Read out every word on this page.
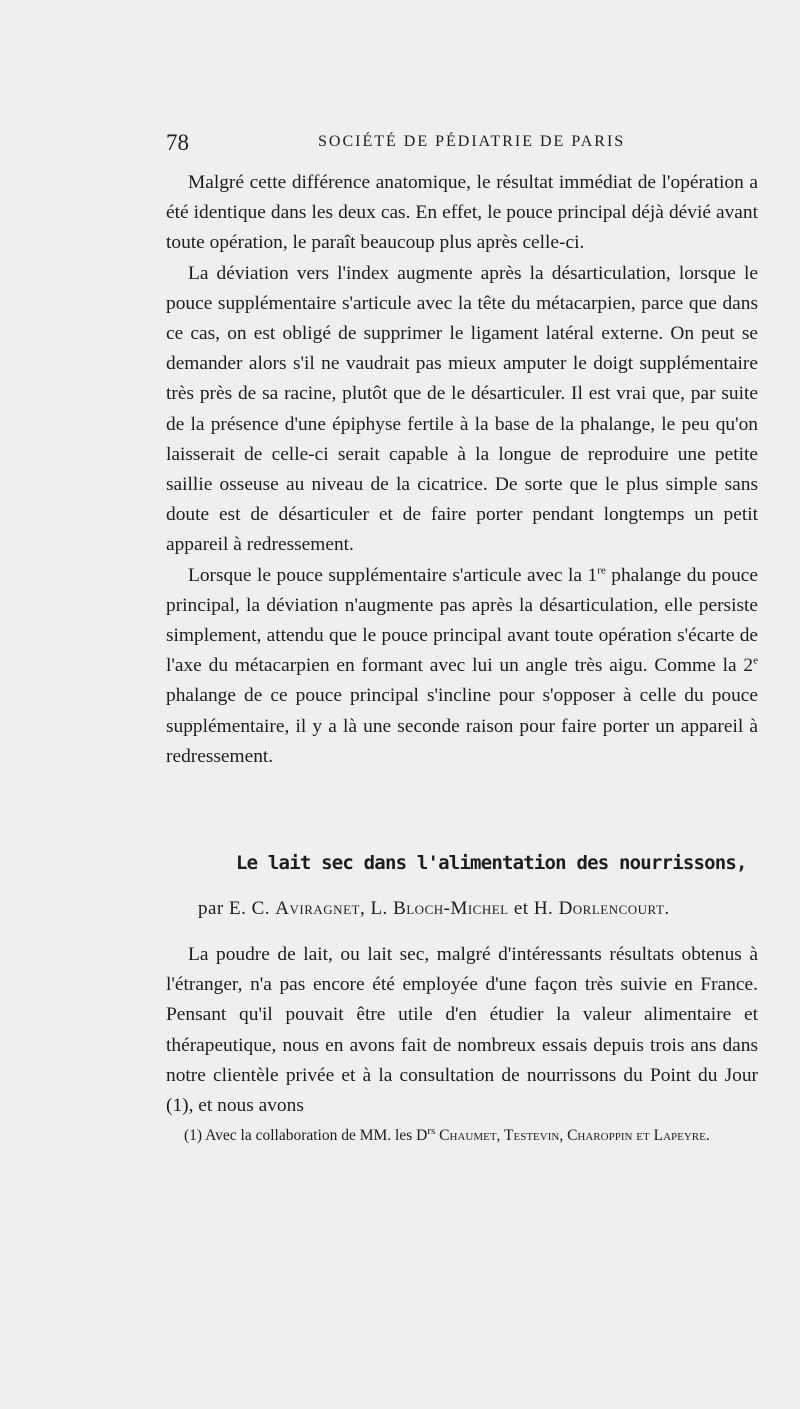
78	SOCIÉTÉ DE PÉDIATRIE DE PARIS

Malgré cette différence anatomique, le résultat immédiat de l'opération a été identique dans les deux cas. En effet, le pouce principal déjà dévié avant toute opération, le paraît beaucoup plus après celle-ci.

La déviation vers l'index augmente après la désarticulation, lorsque le pouce supplémentaire s'articule avec la tête du métacarpien, parce que dans ce cas, on est obligé de supprimer le ligament latéral externe. On peut se demander alors s'il ne vaudrait pas mieux amputer le doigt supplémentaire très près de sa racine, plutôt que de le désarticuler. Il est vrai que, par suite de la présence d'une épiphyse fertile à la base de la phalange, le peu qu'on laisserait de celle-ci serait capable à la longue de reproduire une petite saillie osseuse au niveau de la cicatrice. De sorte que le plus simple sans doute est de désarticuler et de faire porter pendant longtemps un petit appareil à redressement.

Lorsque le pouce supplémentaire s'articule avec la 1re phalange du pouce principal, la déviation n'augmente pas après la désarticulation, elle persiste simplement, attendu que le pouce principal avant toute opération s'écarte de l'axe du métacarpien en formant avec lui un angle très aigu. Comme la 2e phalange de ce pouce principal s'incline pour s'opposer à celle du pouce supplémentaire, il y a là une seconde raison pour faire porter un appareil à redressement.

Le lait sec dans l'alimentation des nourrissons,
par E. C. Aviragnet, L. Bloch-Michel et H. Dorlencourt.

La poudre de lait, ou lait sec, malgré d'intéressants résultats obtenus à l'étranger, n'a pas encore été employée d'une façon très suivie en France. Pensant qu'il pouvait être utile d'en étudier la valeur alimentaire et thérapeutique, nous en avons fait de nombreux essais depuis trois ans dans notre clientèle privée et à la consultation de nourrissons du Point du Jour (1), et nous avons

(1) Avec la collaboration de MM. les $D^{rs}$ Chaumet, Testevin, Charoppin et Lapeyre.
